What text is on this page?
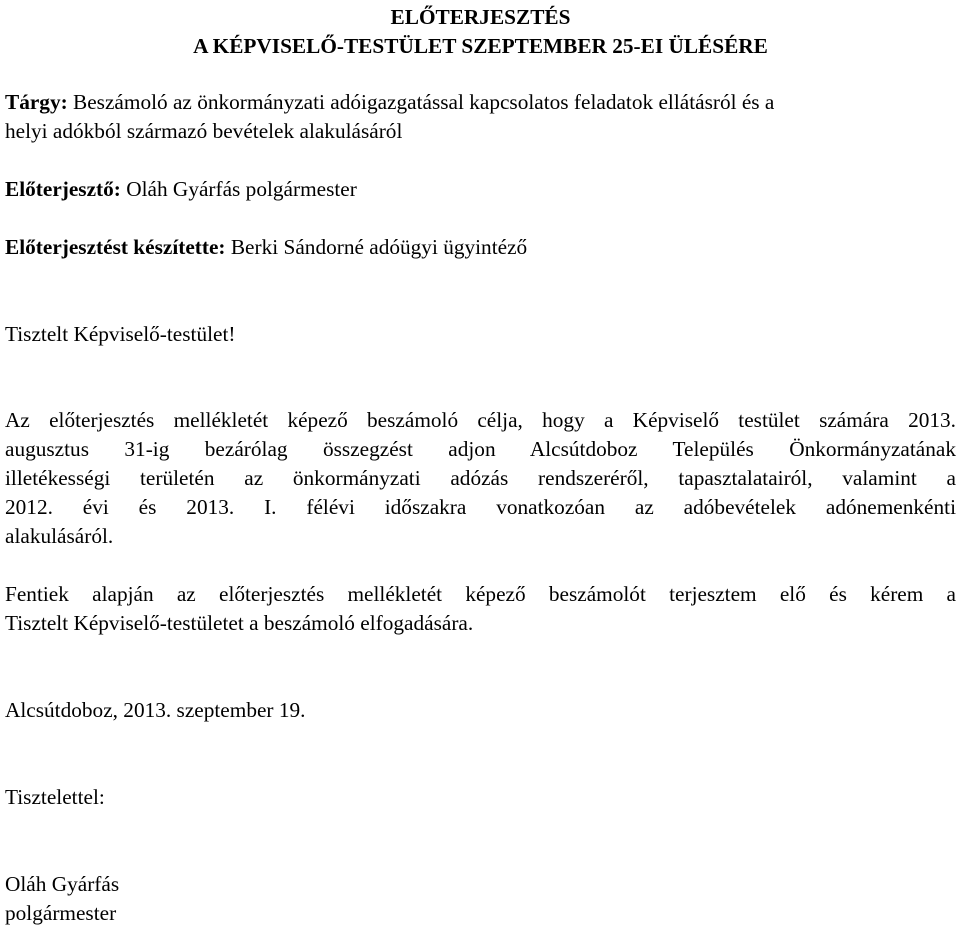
ELŐTERJESZTÉS
A KÉPVISELŐ-TESTÜLET SZEPTEMBER 25-EI ÜLÉSÉRE
Tárgy: Beszámoló az önkormányzati adóigazgatással kapcsolatos feladatok ellátásról és a
helyi adókból származó bevételek alakulásáról
Előterjesztő: Oláh Gyárfás polgármester
Előterjesztést készítette: Berki Sándorné adóügyi ügyintéző
Tisztelt Képviselő-testület!
Az előterjesztés mellékletét képező beszámoló célja, hogy a Képviselő testület számára 2013.
augusztus 31-ig bezárólag összegzést adjon Alcsútdoboz Település Önkormányzatának
illetékességi területén az önkormányzati adózás rendszeréről, tapasztalatairól, valamint a
2012. évi és 2013. I. félévi időszakra vonatkozóan az adóbevételek adónemenkénti
alakulásáról.
Fentiek alapján az előterjesztés mellékletét képező beszámolót terjesztem elő és kérem a
Tisztelt Képviselő-testületet a beszámoló elfogadására.
Alcsútdoboz, 2013. szeptember 19.
Tisztelettel:
Oláh Gyárfás
polgármester
